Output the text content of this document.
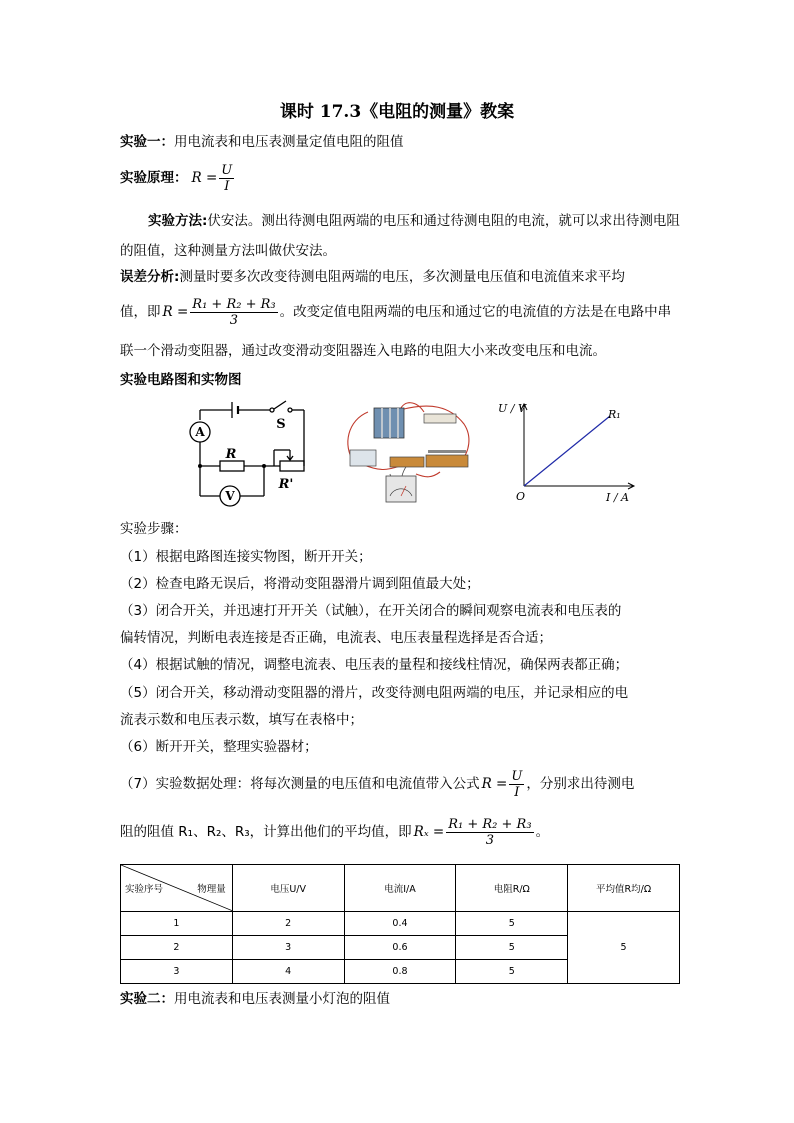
课时 17.3《电阻的测量》教案
实验一：用电流表和电压表测量定值电阻的阻值
实验原理： $R = \frac{U}{I}$
实验方法:伏安法。测出待测电阻两端的电压和通过待测电阻的电流，就可以求出待测电阻的阻值，这种测量方法叫做伏安法。
误差分析:测量时要多次改变待测电阻两端的电压，多次测量电压值和电流值来求平均
值，即 $R = \frac{\text{R₁ + R₂ + R₃}}{3}$ 。改变定值电阻两端的电压和通过它的电流值的方法是在电路中串
联一个滑动变阻器，通过改变滑动变阻器连入电路的电阻大小来改变电压和电流。
实验电路图和实物图
A
V
S
R
R'
U / V
I / A
O
R₁
实验步骤：
（1）根据电路图连接实物图，断开开关；
（2）检查电路无误后，将滑动变阻器滑片调到阻值最大处；
（3）闭合开关，并迅速打开开关（试触），在开关闭合的瞬间观察电流表和电压表的
偏转情况，判断电表连接是否正确，电流表、电压表量程选择是否合适；
（4）根据试触的情况，调整电流表、电压表的量程和接线柱情况，确保两表都正确；
（5）闭合开关，移动滑动变阻器的滑片，改变待测电阻两端的电压，并记录相应的电
流表示数和电压表示数，填写在表格中；
（6）断开开关，整理实验器材；
（7）实验数据处理：将每次测量的电压值和电流值带入公式 $R = \frac{U}{I}$ ，分别求出待测电
阻的阻值 R₁、R₂、R₃，计算出他们的平均值，即 $R_x = \frac{\text{R₁ + R₂ + R₃}}{3}$ 。
实验序号 物理量	电压U/V	电流I/A	电阻R/Ω	平均值R均/Ω
1	2	0.4	5	5
2	3	0.6	5	
3	4	0.8	5	
实验二：用电流表和电压表测量小灯泡的阻值
